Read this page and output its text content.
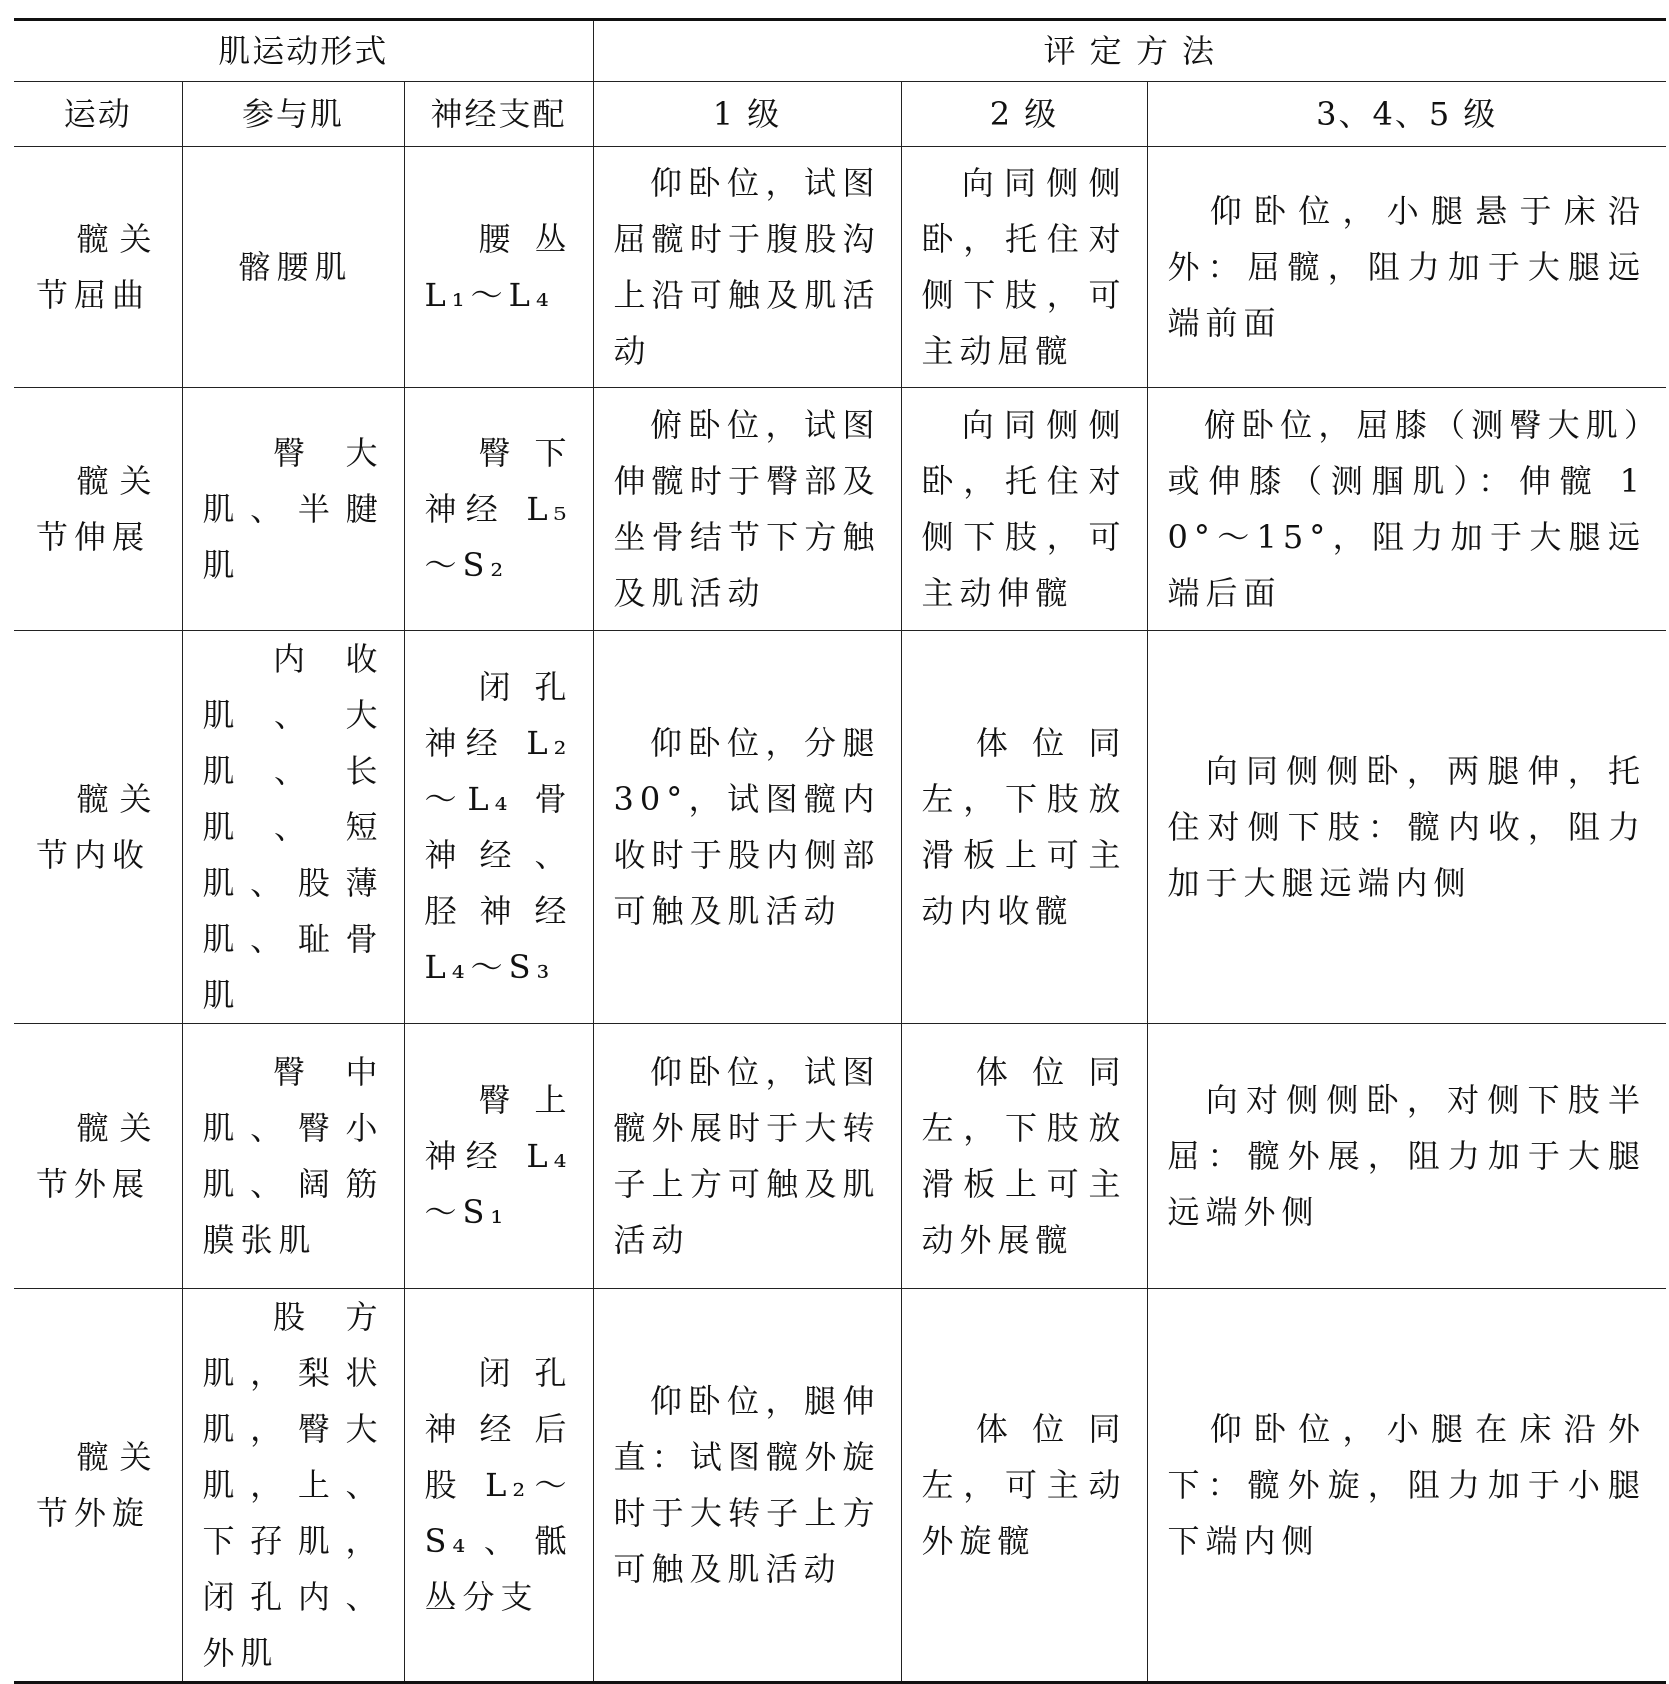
肌运动形式			评 定 方 法		
运动	参与肌	神经支配	1 级	2 级	3、4、5 级
髋关节屈曲	髂腰肌	腰丛 L₁～L₄	仰卧位，试图屈髋时于腹股沟上沿可触及肌活动	向同侧侧卧，托住对侧下肢，可主动屈髋	仰卧位，小腿悬于床沿外：屈髋，阻力加于大腿远端前面
髋关节伸展	臀大肌、半腱肌	臀下神经 L₅～S₂	俯卧位，试图伸髋时于臀部及坐骨结节下方触及肌活动	向同侧侧卧，托住对侧下肢，可主动伸髋	俯卧位，屈膝（测臀大肌）或伸膝（测腘肌）：伸髋 10°～15°，阻力加于大腿远端后面
髋关节内收	内收肌、大肌、长肌、短肌、股薄肌、耻骨肌	闭孔神经 L₂～L₄ 骨神经、胫神经 L₄～S₃	仰卧位，分腿 30°，试图髋内收时于股内侧部可触及肌活动	体位同左，下肢放滑板上可主动内收髋	向同侧侧卧，两腿伸，托住对侧下肢：髋内收，阻力加于大腿远端内侧
髋关节外展	臀中肌、臀小肌、阔筋膜张肌	臀上神经 L₄～S₁	仰卧位，试图髋外展时于大转子上方可触及肌活动	体位同左，下肢放滑板上可主动外展髋	向对侧侧卧，对侧下肢半屈：髋外展，阻力加于大腿远端外侧
髋关节外旋	股方肌，梨状肌，臀大肌，上、下孖肌，闭孔内、外肌	闭孔神经后股 L₂～S₄、骶丛分支	仰卧位，腿伸直：试图髋外旋时于大转子上方可触及肌活动	体位同左，可主动外旋髋	仰卧位，小腿在床沿外下：髋外旋，阻力加于小腿下端内侧
